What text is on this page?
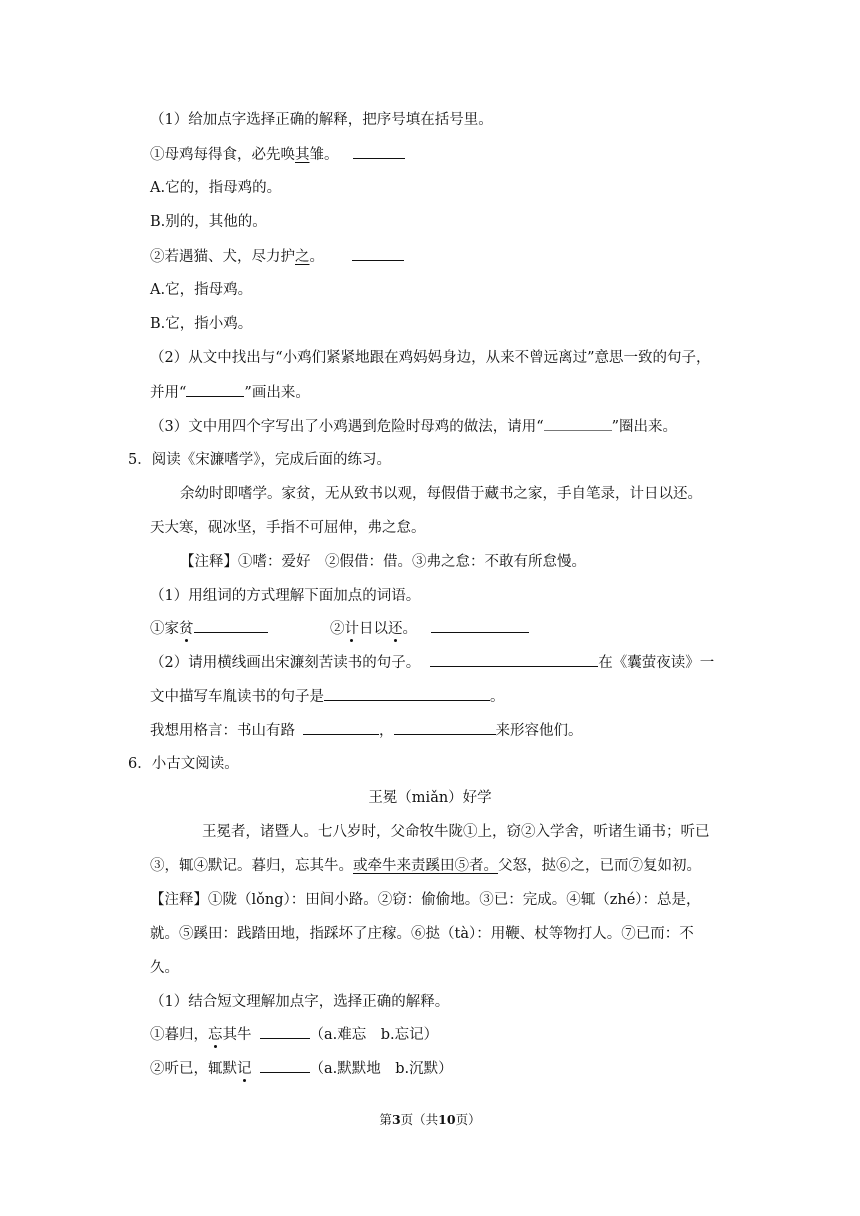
（1）给加点字选择正确的解释，把序号填在括号里。
①母鸡每得食，必先唤其雏。
A.它的，指母鸡的。
B.别的，其他的。
②若遇猫、犬，尽力护之。
A.它，指母鸡。
B.它，指小鸡。
（2）从文中找出与“小鸡们紧紧地跟在鸡妈妈身边，从来不曾远离过”意思一致的句子，
并用“	”画出来。
（3）文中用四个字写出了小鸡遇到危险时母鸡的做法，请用“	”圈出来。
5．阅读《宋濂嗜学》，完成后面的练习。
余幼时即嗜学。家贫，无从致书以观，每假借于藏书之家，手自笔录，计日以还。
天大寒，砚冰坚，手指不可屈伸，弗之怠。
【注释】①嗜：爱好　②假借：借。③弗之怠：不敢有所怠慢。
（1）用组词的方式理解下面加点的词语。
①家贫	②计日以还。
（2）请用横线画出宋濂刻苦读书的句子。	在《囊萤夜读》一
文中描写车胤读书的句子是	。
我想用格言：书山有路	，	来形容他们。
6．小古文阅读。
王冕（miǎn）好学
王冕者，诸暨人。七八岁时，父命牧牛陇①上，窃②入学舍，听诸生诵书；听已
③，辄④默记。暮归，忘其牛。或牵牛来责蹊田⑤者。父怒，挞⑥之，已而⑦复如初。
【注释】①陇（lǒng）：田间小路。②窃：偷偷地。③已：完成。④辄（zhé）：总是，
就。⑤蹊田：践踏田地，指踩坏了庄稼。⑥挞（tà）：用鞭、杖等物打人。⑦已而：不
久。
（1）结合短文理解加点字，选择正确的解释。
①暮归，忘其牛	（a.难忘　b.忘记）
②听已，辄默记	（a.默默地　b.沉默）
第3页（共10页）
